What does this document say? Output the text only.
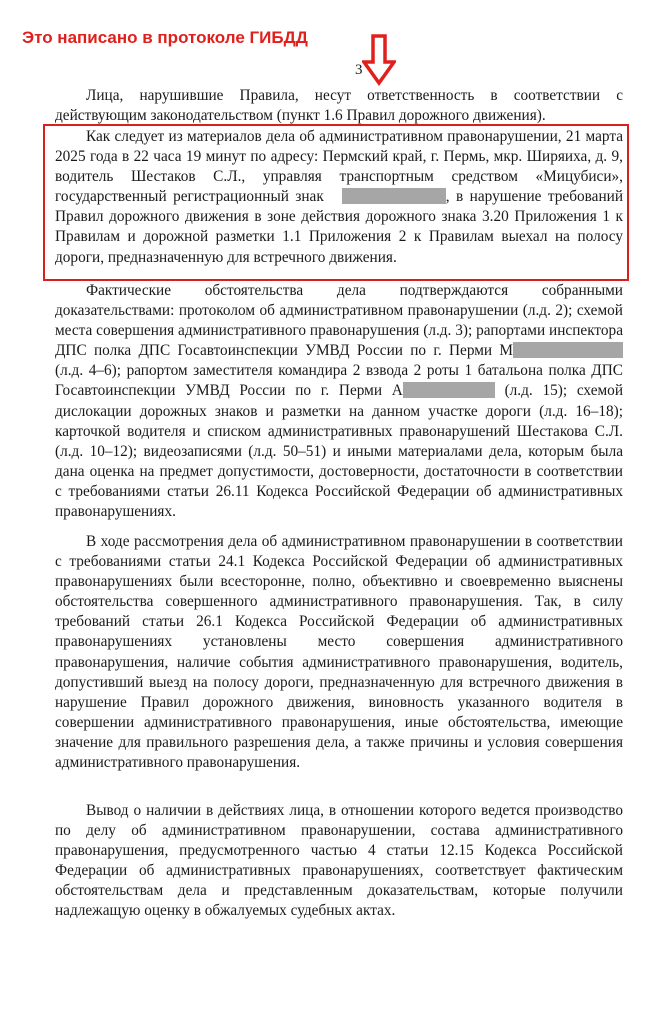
Это написано в протоколе ГИБДД
3

Лица, нарушившие Правила, несут ответственность в соответствии с действующим законодательством (пункт 1.6 Правил дорожного движения).

Как следует из материалов дела об административном правонарушении, 21 марта 2025 года в 22 часа 19 минут по адресу: Пермский край, г. Пермь, мкр. Ширяиха, д. 9, водитель Шестаков С.Л., управляя транспортным средством «Мицубиси», государственный регистрационный знак	, в нарушение требований Правил дорожного движения в зоне действия дорожного знака 3.20 Приложения 1 к Правилам и дорожной разметки 1.1 Приложения 2 к Правилам выехал на полосу дороги, предназначенную для встречного движения.

Фактические обстоятельства дела подтверждаются собранными доказательствами: протоколом об административном правонарушении (л.д. 2); схемой места совершения административного правонарушения (л.д. 3); рапортами инспектора ДПС полка ДПС Госавтоинспекции УМВД России по г. Перми М (л.д. 4–6); рапортом заместителя командира 2 взвода 2 роты 1 батальона полка ДПС Госавтоинспекции УМВД России по г. Перми А	(л.д. 15); схемой дислокации дорожных знаков и разметки на данном участке дороги (л.д. 16–18); карточкой водителя и списком административных правонарушений Шестакова С.Л. (л.д. 10–12); видеозаписями (л.д. 50–51) и иными материалами дела, которым была дана оценка на предмет допустимости, достоверности, достаточности в соответствии с требованиями статьи 26.11 Кодекса Российской Федерации об административных правонарушениях.

В ходе рассмотрения дела об административном правонарушении в соответствии с требованиями статьи 24.1 Кодекса Российской Федерации об административных правонарушениях были всесторонне, полно, объективно и своевременно выяснены обстоятельства совершенного административного правонарушения. Так, в силу требований статьи 26.1 Кодекса Российской Федерации об административных правонарушениях установлены место совершения административного правонарушения, наличие события административного правонарушения, водитель, допустивший выезд на полосу дороги, предназначенную для встречного движения в нарушение Правил дорожного движения, виновность указанного водителя в совершении административного правонарушения, иные обстоятельства, имеющие значение для правильного разрешения дела, а также причины и условия совершения административного правонарушения.

Вывод о наличии в действиях лица, в отношении которого ведется производство по делу об административном правонарушении, состава административного правонарушения, предусмотренного частью 4 статьи 12.15 Кодекса Российской Федерации об административных правонарушениях, соответствует фактическим обстоятельствам дела и представленным доказательствам, которые получили надлежащую оценку в обжалуемых судебных актах.
